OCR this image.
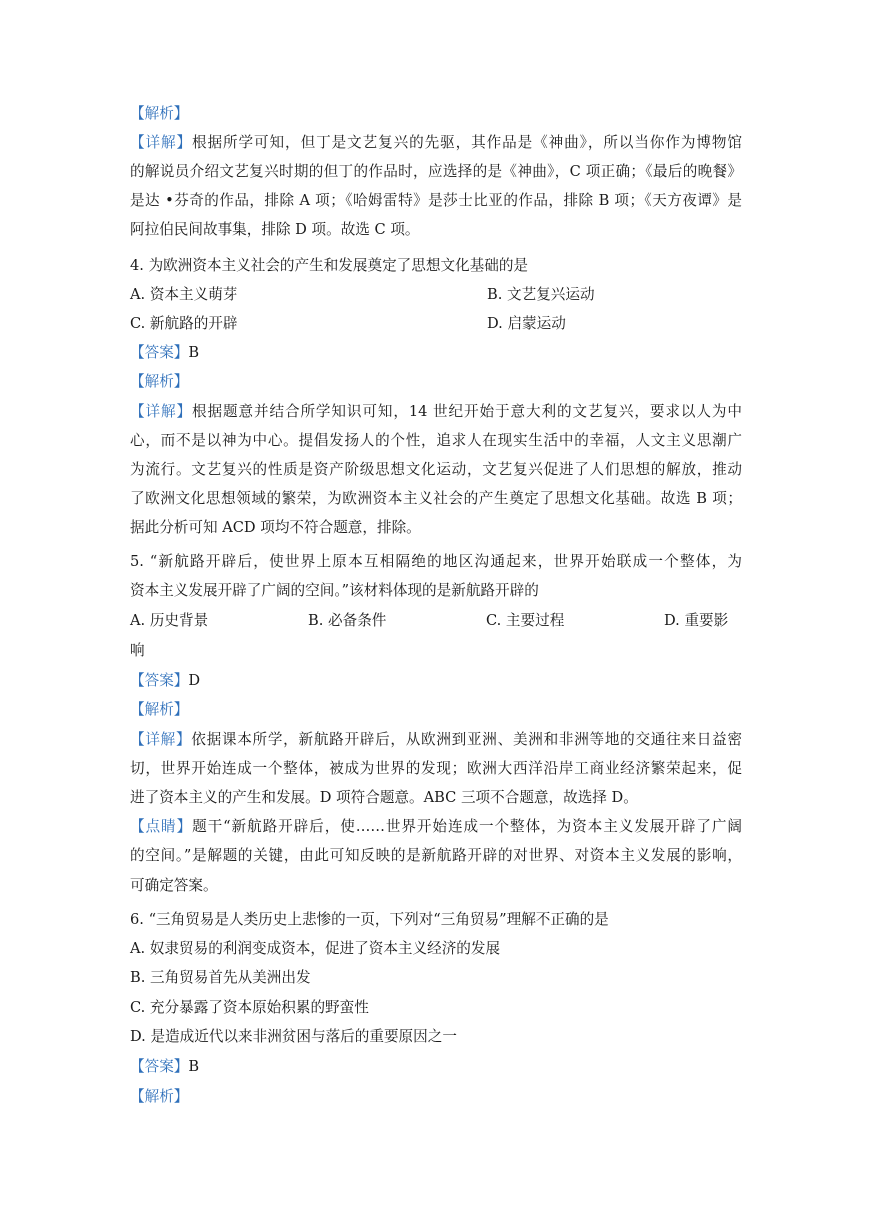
【解析】
【详解】根据所学可知，但丁是文艺复兴的先驱，其作品是《神曲》，所以当你作为博物馆
的解说员介绍文艺复兴时期的但丁的作品时，应选择的是《神曲》，C 项正确；《最后的晚餐》
是达 •芬奇的作品，排除 A 项；《哈姆雷特》是莎士比亚的作品，排除 B 项；《天方夜谭》是
阿拉伯民间故事集，排除 D 项。故选 C 项。
4. 为欧洲资本主义社会的产生和发展奠定了思想文化基础的是
A. 资本主义萌芽	B. 文艺复兴运动
C. 新航路的开辟	D. 启蒙运动
【答案】B
【解析】
【详解】根据题意并结合所学知识可知，14 世纪开始于意大利的文艺复兴，要求以人为中
心，而不是以神为中心。提倡发扬人的个性，追求人在现实生活中的幸福，人文主义思潮广
为流行。文艺复兴的性质是资产阶级思想文化运动，文艺复兴促进了人们思想的解放，推动
了欧洲文化思想领域的繁荣，为欧洲资本主义社会的产生奠定了思想文化基础。故选 B 项；
据此分析可知 ACD 项均不符合题意，排除。
5. “新航路开辟后，使世界上原本互相隔绝的地区沟通起来，世界开始联成一个整体，为
资本主义发展开辟了广阔的空间。”该材料体现的是新航路开辟的
A. 历史背景	B. 必备条件	C. 主要过程	D. 重要影
响
【答案】D
【解析】
【详解】依据课本所学，新航路开辟后，从欧洲到亚洲、美洲和非洲等地的交通往来日益密
切，世界开始连成一个整体，被成为世界的发现；欧洲大西洋沿岸工商业经济繁荣起来，促
进了资本主义的产生和发展。D 项符合题意。ABC 三项不合题意，故选择 D。
【点睛】题干“新航路开辟后，使……世界开始连成一个整体，为资本主义发展开辟了广阔
的空间。”是解题的关键，由此可知反映的是新航路开辟的对世界、对资本主义发展的影响，
可确定答案。
6. “三角贸易是人类历史上悲惨的一页，下列对“三角贸易”理解不正确的是
A. 奴隶贸易的利润变成资本，促进了资本主义经济的发展
B. 三角贸易首先从美洲出发
C. 充分暴露了资本原始积累的野蛮性
D. 是造成近代以来非洲贫困与落后的重要原因之一
【答案】B
【解析】
